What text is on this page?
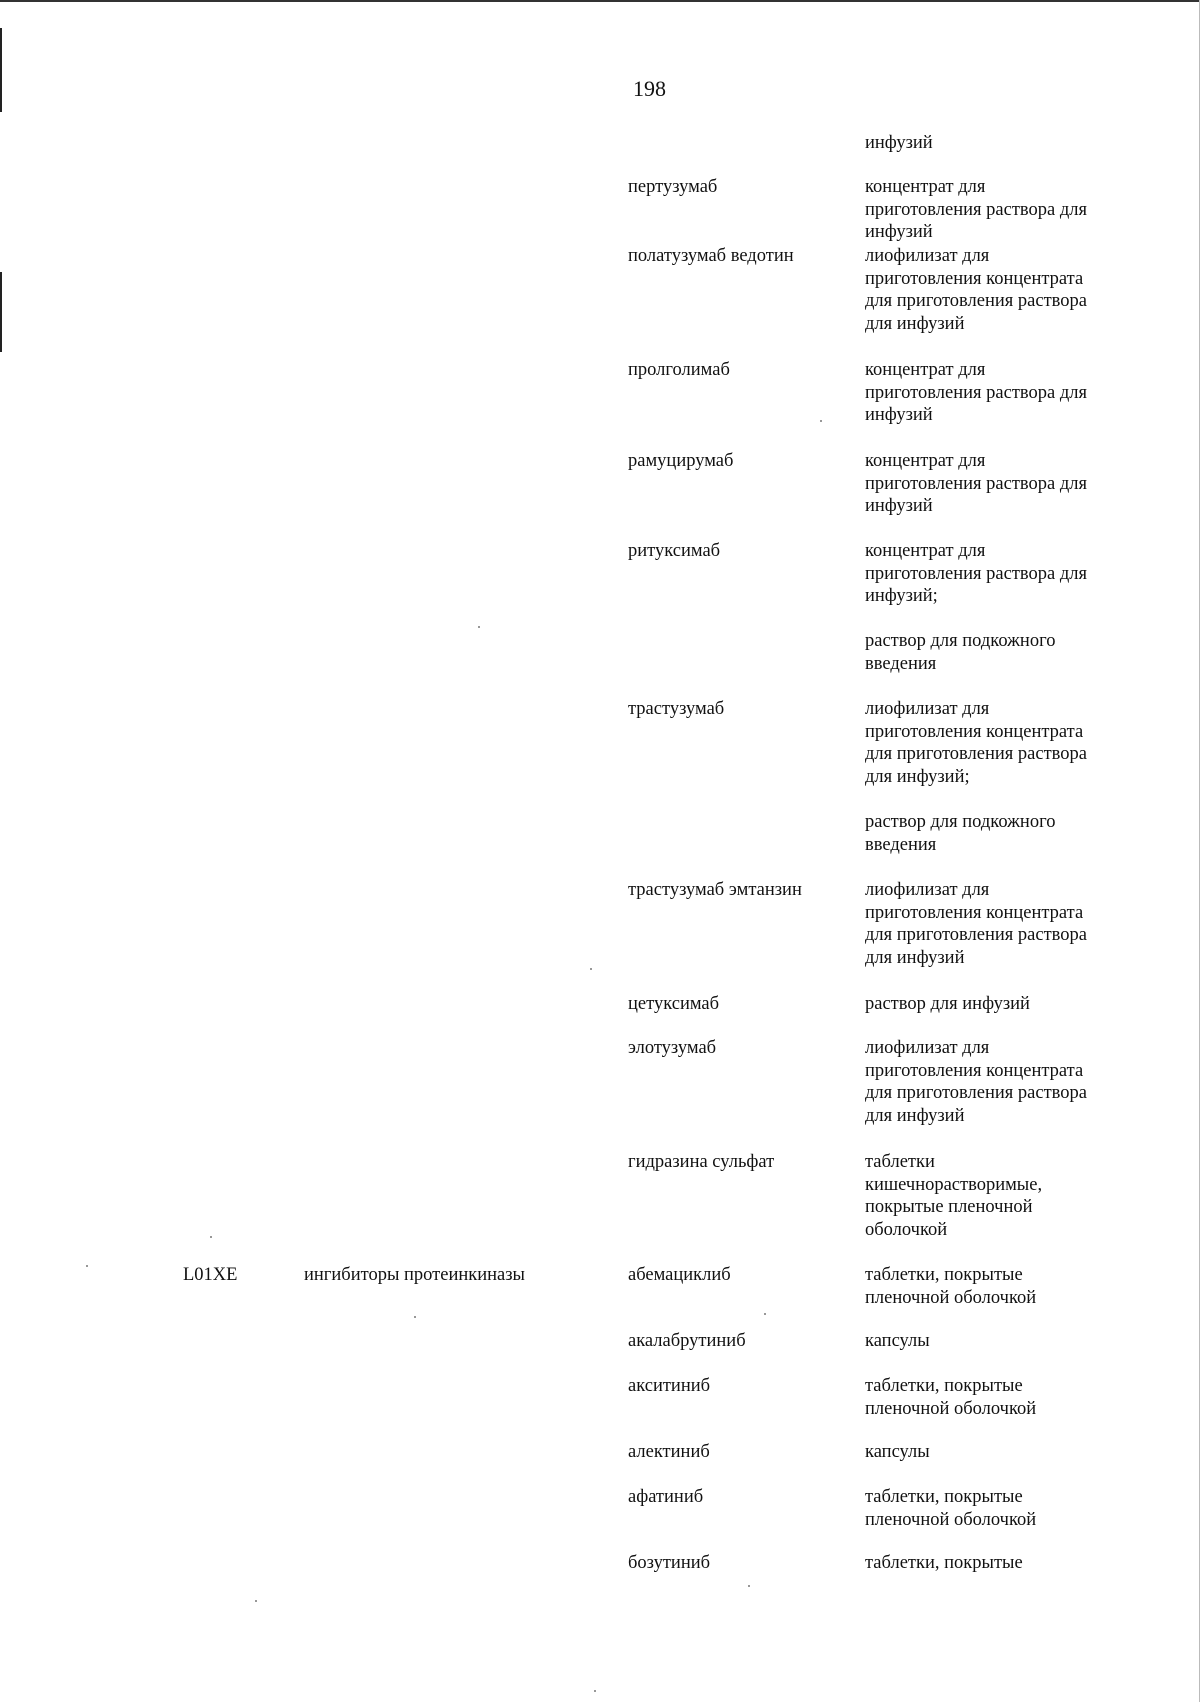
198
инфузий
пертузумаб	концентрат для
приготовления раствора для
инфузий
полатузумаб ведотин	лиофилизат для
приготовления концентрата
для приготовления раствора
для инфузий
пролголимаб	концентрат для
приготовления раствора для
инфузий
рамуцирумаб	концентрат для
приготовления раствора для
инфузий
ритуксимаб	концентрат для
приготовления раствора для
инфузий;
раствор для подкожного
введения
трастузумаб	лиофилизат для
приготовления концентрата
для приготовления раствора
для инфузий;
раствор для подкожного
введения
трастузумаб эмтанзин	лиофилизат для
приготовления концентрата
для приготовления раствора
для инфузий
цетуксимаб	раствор для инфузий
элотузумаб	лиофилизат для
приготовления концентрата
для приготовления раствора
для инфузий
гидразина сульфат	таблетки
кишечнорастворимые,
покрытые пленочной
оболочкой
L01XE	ингибиторы протеинкиназы	абемациклиб	таблетки, покрытые
пленочной оболочкой
акалабрутиниб	капсулы
акситиниб	таблетки, покрытые
пленочной оболочкой
алектиниб	капсулы
афатиниб	таблетки, покрытые
пленочной оболочкой
бозутиниб	таблетки, покрытые
